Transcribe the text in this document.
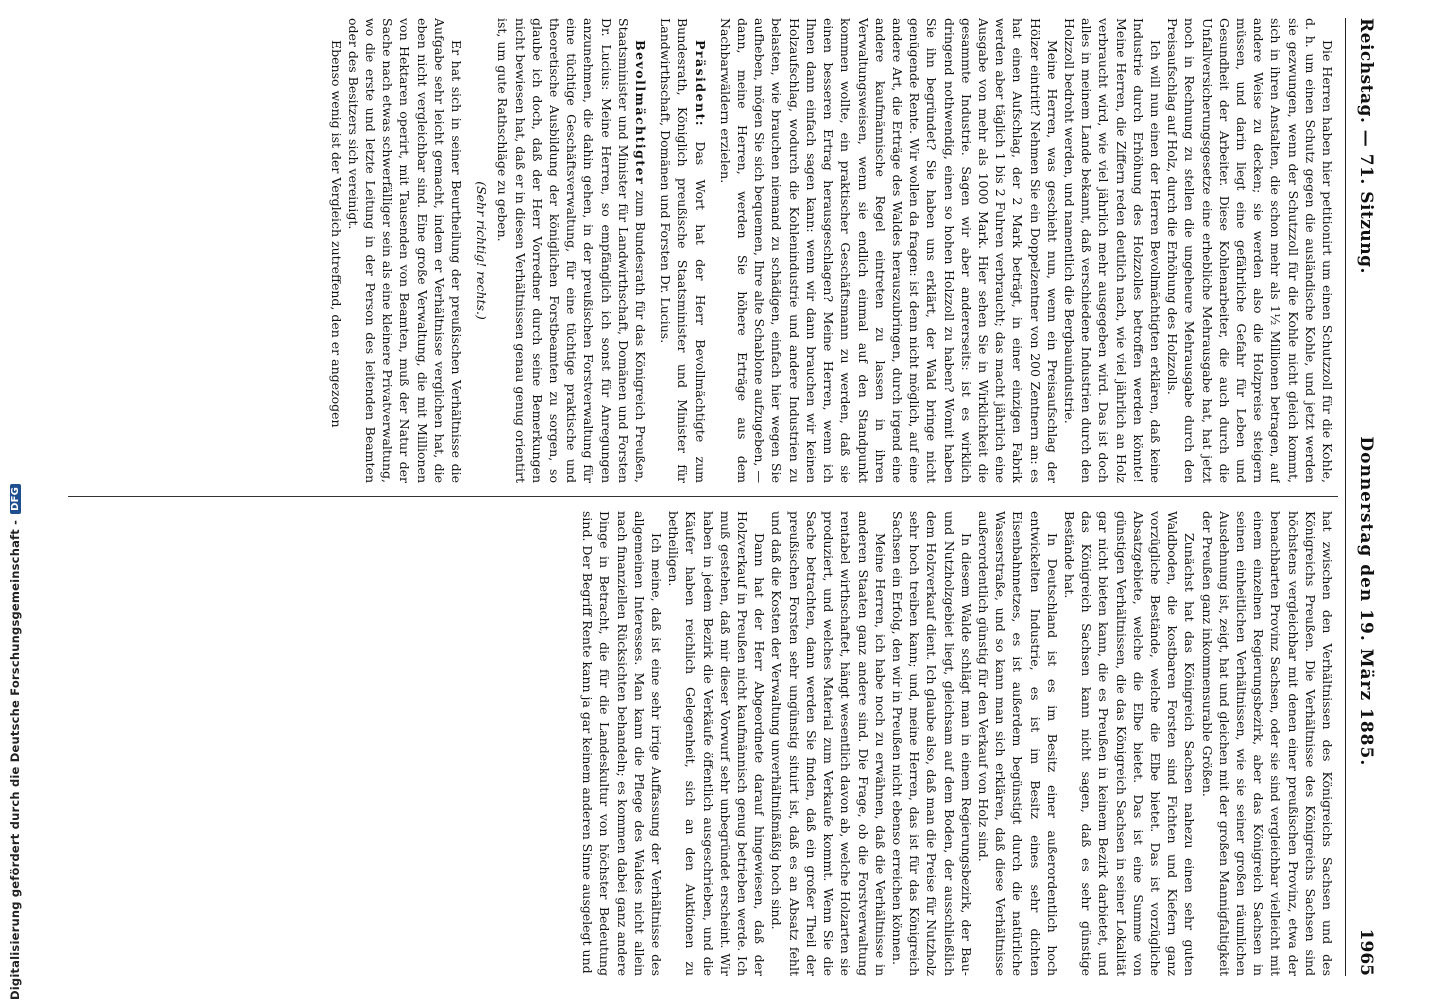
Digitalisierung gefördert durch die Deutsche Forschungsgemeinschaft -
DFG
Reichstag. — 71. Sitzung.
Donnerstag den 19. März 1885.
1965

Die Herren haben hier petitionirt um einen Schutzzoll für die Kohle, d. h. um einen Schutz gegen die ausländische Kohle, und jetzt werden sie gezwungen, wenn der Schutzzoll für die Kohle nicht gleich kommt, sich in ihren Anstalten, die schon mehr als 1½ Millionen betragen, auf andere Weise zu decken; sie werden also die Holzpreise steigern müssen, und darin liegt eine gefährliche Gefahr für Leben und Gesundheit der Arbeiter. Diese Kohlenarbeiter, die auch durch die Unfallversicherungsgesetze eine erhebliche Mehrausgabe hat, hat jetzt noch in Rechnung zu stellen die ungeheure Mehrausgabe durch den Preisaufschlag auf Holz, durch die Erhöhung des Holzzolls.

Ich will nun einen der Herren Bevollmächtigten erklären, daß keine Industrie durch Erhöhung des Holzzolles betroffen werden könnte! Meine Herren, die Ziffern reden deutlich nach, wie viel jährlich an Holz verbraucht wird, wie viel jährlich mehr ausgegeben wird. Das ist doch alles in meinem Lande bekannt, daß verschiedene Industrien durch den Holzzoll bedroht werden, und namentlich die Bergbauindustrie.

Meine Herren, was geschieht nun, wenn ein Preisaufschlag der Hölzer eintritt? Nehmen Sie ein Doppelzentner von 200 Zentnern an: es hat einen Aufschlag, der 2 Mark beträgt, in einer einzigen Fabrik werden aber täglich 1 bis 2 Fuhren verbraucht; das macht jährlich eine Ausgabe von mehr als 1000 Mark. Hier sehen Sie in Wirklichkeit die gesammte Industrie. Sagen wir aber andererseits: ist es wirklich dringend nothwendig, einen so hohen Holzzoll zu haben? Womit haben Sie ihn begründet? Sie haben uns erklärt, der Wald bringe nicht genügende Rente. Wir wollen da fragen: ist denn nicht möglich, auf eine andere Art, die Erträge des Waldes herauszubringen, durch irgend eine andere kaufmännische Regel eintreten zu lassen in ihren Verwaltungsweisen, wenn sie endlich einmal auf den Standpunkt kommen wollte, ein praktischer Geschäftsmann zu werden, daß sie einen besseren Ertrag herausgeschlagen? Meine Herren, wenn ich Ihnen dann einfach sagen kann: wenn wir dann brauchen wir keinen Holzaufschlag, wodurch die Kohlenindustrie und andere Industrien zu belasten, wie brauchen niemand zu schädigen, einfach hier wegen Sie aufheben, mögen Sie sich bequemen, Ihre alte Schablone aufzugeben, — dann, meine Herren, werden Sie höhere Erträge aus dem Nachbarwäldern erzielen.

Präsident: Das Wort hat der Herr Bevollmächtigte zum Bundesrath, Königlich preußische Staatsminister und Minister für Landwirthschaft, Domänen und Forsten Dr. Lucius.

Bevollmächtigter zum Bundesrath für das Königreich Preußen, Staatsminister und Minister für Landwirthschaft, Domänen und Forsten Dr. Lucius: Meine Herren, so empfänglich ich sonst für Anregungen anzunehmen, die dahin gehen, in der preußischen Forstverwaltung für eine tüchtige Geschäftsverwaltung, für eine tüchtige praktische und theoretische Ausbildung der königlichen Forstbeamten zu sorgen, so glaube ich doch, daß der Herr Vorredner durch seine Bemerkungen nicht bewiesen hat, daß er in diesen Verhältnissen genau genug orientirt ist, um gute Rathschläge zu geben.

(Sehr richtig! rechts.)

Er hat sich in seiner Beurtheilung der preußischen Verhältnisse die Aufgabe sehr leicht gemacht, indem er Verhältnisse verglichen hat, die eben nicht vergleichbar sind. Eine große Verwaltung, die mit Millionen von Hektaren operirt, mit Tausenden von Beamten, muß der Natur der Sache nach etwas schwerfälliger sein als eine kleinere Privatverwaltung, wo die erste und letzte Leitung in der Person des leitenden Beamten oder des Besitzers sich vereinigt.

Ebenso wenig ist der Vergleich zutreffend, den er angezogen

hat zwischen den Verhältnissen des Königreichs Sachsen und des Königreichs Preußen. Die Verhältnisse des Königreichs Sachsen sind höchstens vergleichbar mit denen einer preußischen Provinz, etwa der benachbarten Provinz Sachsen, oder sie sind vergleichbar vielleicht mit einem einzelnen Regierungsbezirk, aber das Königreich Sachsen in seinen einheitlichen Verhältnissen, wie sie seiner großen räumlichen Ausdehnung ist, zeigt, hat und gleichen mit der großen Mannigfaltigkeit der Preußen ganz inkommensurable Größen.

Zunächst hat das Königreich Sachsen nahezu einen sehr guten Waldboden, die kostbaren Forsten sind Fichten und Kiefern ganz vorzügliche Bestände, welche die Elbe bietet. Das ist vorzügliche Absatzgebiete, welche die Elbe bietet. Das ist eine Summe von günstigen Verhältnissen, die das Königreich Sachsen in seiner Lokalität gar nicht bieten kann, die es Preußen in keinem Bezirk darbietet, und das Königreich Sachsen kann nicht sagen, daß es sehr günstige Bestände hat.

In Deutschland ist es im Besitz einer außerordentlich hoch entwickelten Industrie, es ist im Besitz eines sehr dichten Eisenbahnnetzes, es ist außerdem begünstigt durch die natürliche Wasserstraße, und so kann man sich erklären, daß diese Verhältnisse außerordentlich günstig für den Verkauf von Holz sind.

In diesem Walde schlägt man in einem Regierungsbezirk, der Bau- und Nutzholzgebiet liegt, gleichsam auf dem Boden, der ausschließlich dem Holzverkauf dient. Ich glaube also, daß man die Preise für Nutzholz sehr hoch treiben kann; und, meine Herren, das ist für das Königreich Sachsen ein Erfolg, den wir in Preußen nicht ebenso erreichen können.

Meine Herren, ich habe noch zu erwähnen, daß die Verhältnisse in anderen Staaten ganz andere sind. Die Frage, ob die Forstverwaltung rentabel wirthschaftet, hängt wesentlich davon ab, welche Holzarten sie produziert, und welches Material zum Verkaufe kommt. Wenn Sie die Sache betrachten, dann werden Sie finden, daß ein großer Theil der preußischen Forsten sehr ungünstig situirt ist, daß es an Absatz fehlt und daß die Kosten der Verwaltung unverhältnißmäßig hoch sind.

Dann hat der Herr Abgeordnete darauf hingewiesen, daß der Holzverkauf in Preußen nicht kaufmännisch genug betrieben werde. Ich muß gestehen, daß mir dieser Vorwurf sehr unbegründet erscheint. Wir haben in jedem Bezirk die Verkäufe öffentlich ausgeschrieben, und die Käufer haben reichlich Gelegenheit, sich an den Auktionen zu betheiligen.

Ich meine, daß ist eine sehr irrige Auffassung der Verhältnisse des allgemeinen Interesses. Man kann die Pflege des Waldes nicht allein nach finanziellen Rücksichten behandeln; es kommen dabei ganz andere Dinge in Betracht, die für die Landeskultur von höchster Bedeutung sind. Der Begriff Rente kann ja gar keinem anderen Sinne ausgelegt und
